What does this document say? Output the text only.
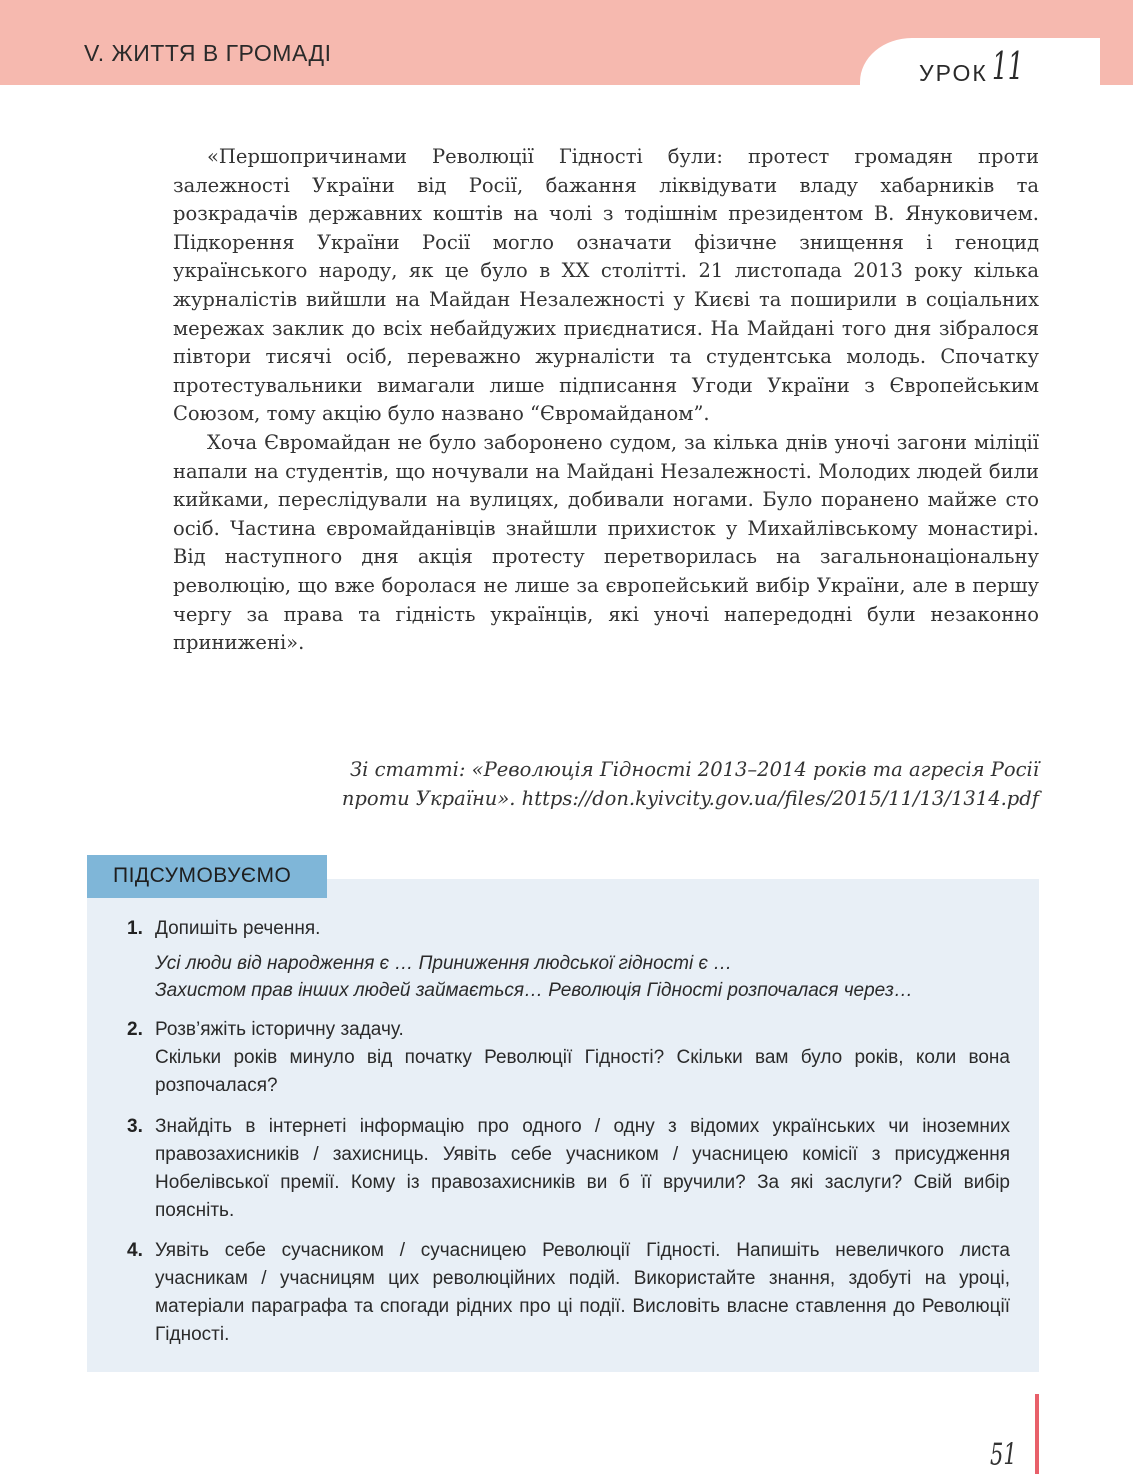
V. ЖИТТЯ В ГРОМАДІ
УРОК 11

«Першопричинами Революції Гідності були: протест громадян проти залежності України від Росії, бажання ліквідувати владу хабарників та розкрадачів державних коштів на чолі з тодішнім президентом В. Януковичем. Підкорення України Росії могло означати фізичне знищення і геноцид українського народу, як це було в XX столітті. 21 листопада 2013 року кілька журналістів вийшли на Майдан Незалежності у Києві та поширили в соціальних мережах заклик до всіх небайдужих приєднатися. На Майдані того дня зібралося півтори тисячі осіб, переважно журналісти та студентська молодь. Спочатку протестувальники вимагали лише підписання Угоди України з Європейським Союзом, тому акцію було названо “Євромайданом”.

Хоча Євромайдан не було заборонено судом, за кілька днів уночі загони міліції напали на студентів, що ночували на Майдані Незалежності. Молодих людей били кийками, переслідували на вулицях, добивали ногами. Було поранено майже сто осіб. Частина євромайданівців знайшли прихисток у Михайлівському монастирі. Від наступного дня акція протесту перетворилась на загальнонаціональну революцію, що вже боролася не лише за європейський вибір України, але в першу чергу за права та гідність українців, які уночі напередодні були незаконно принижені».

Зі статті: «Революція Гідності 2013–2014 років та агресія Росії
проти України». https://don.kyivcity.gov.ua/files/2015/11/13/1314.pdf
ПІДСУМОВУЄМО
1. Допишіть речення.

Усі люди від народження є … Приниження людської гідності є …

Захистом прав інших людей займається… Революція Гідності розпочалася через…

2. Розв’яжіть історичну задачу.

Скільки років минуло від початку Революції Гідності? Скільки вам було років, коли вона розпочалася?

3. Знайдіть в інтернеті інформацію про одного / одну з відомих українських чи іноземних правозахисників / захисниць. Уявіть себе учасником / учасницею комісії з присудження Нобелівської премії. Кому із правозахисників ви б її вручили? За які заслуги? Свій вибір поясніть.

4. Уявіть себе сучасником / сучасницею Революції Гідності. Напишіть невеличкого листа учасникам / учасницям цих революційних подій. Використайте знання, здобуті на уроці, матеріали параграфа та спогади рідних про ці події. Висловіть власне ставлення до Революції Гідності.

51
